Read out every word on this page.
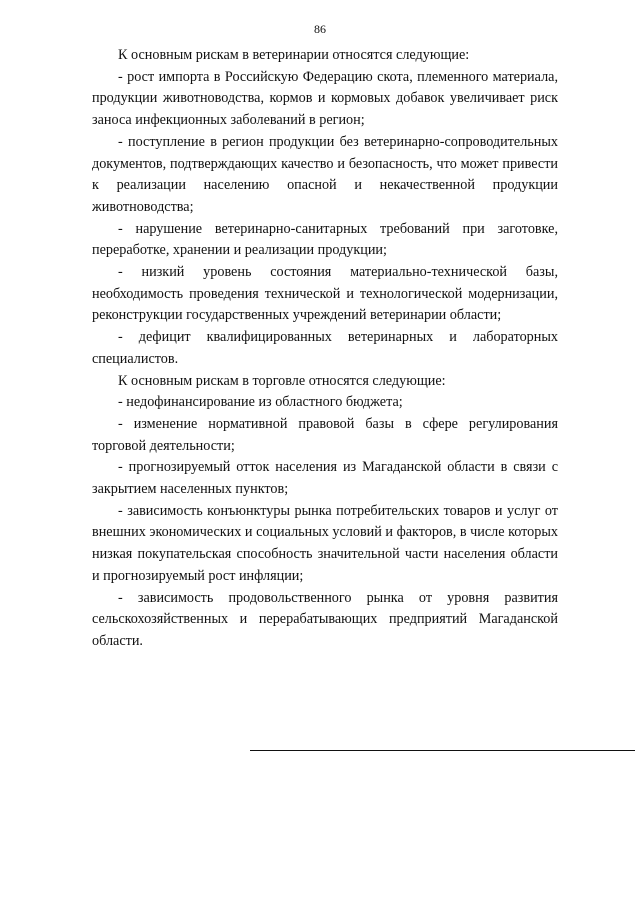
86

К основным рискам в ветеринарии относятся следующие:

- рост импорта в Российскую Федерацию скота, племенного материала, продукции животноводства, кормов и кормовых добавок увеличивает риск заноса инфекционных заболеваний в регион;

- поступление в регион продукции без ветеринарно-сопроводительных документов, подтверждающих качество и безопасность, что может привести к реализации населению опасной и некачественной продукции животноводства;

- нарушение ветеринарно-санитарных требований при заготовке, переработке, хранении и реализации продукции;

- низкий уровень состояния материально-технической базы, необходимость проведения технической и технологической модернизации, реконструкции государственных учреждений ветеринарии области;

- дефицит квалифицированных ветеринарных и лабораторных специалистов.

К основным рискам в торговле относятся следующие:

- недофинансирование из областного бюджета;

- изменение нормативной правовой базы в сфере регулирования торговой деятельности;

- прогнозируемый отток населения из Магаданской области в связи с закрытием населенных пунктов;

- зависимость конъюнктуры рынка потребительских товаров и услуг от внешних экономических и социальных условий и факторов, в числе которых низкая покупательская способность значительной части населения области и прогнозируемый рост инфляции;

- зависимость продовольственного рынка от уровня развития сельскохозяйственных и перерабатывающих предприятий Магаданской области.
